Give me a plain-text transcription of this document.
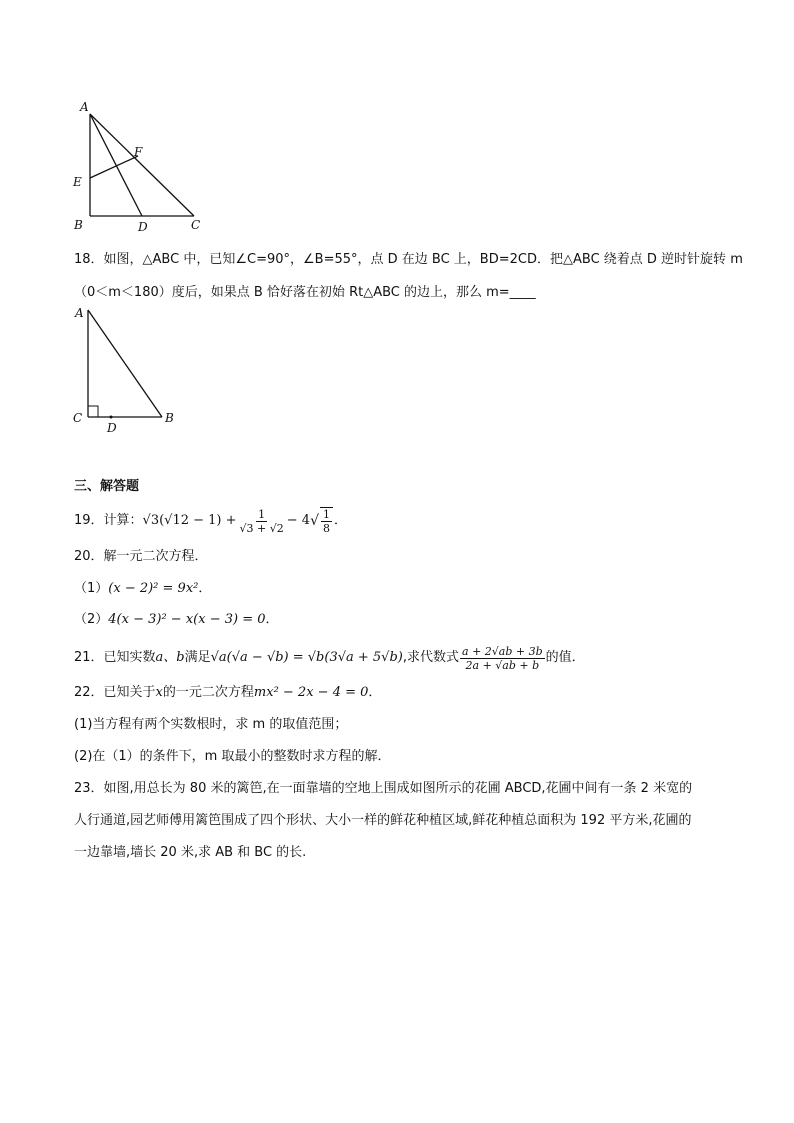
A
B	C
D
E
F
18．如图，△ABC 中，已知∠C=90°，∠B=55°，点 D 在边 BC 上，BD=2CD．把△ABC 绕着点 D 逆时针旋转 m
（0＜m＜180）度后，如果点 B 恰好落在初始 Rt△ABC 的边上，那么 m=____
A
C
D
B
三、解答题
19．计算： $√3(√12 - 1) + \frac{1}{√3 + √2} - 4$ √ $\frac{1}{8}$ ．
20．解一元二次方程．
（1）(x − 2)² = 9x²．
（2）4(x − 3)² − x(x − 3) = 0．
21．已知实数 a、b 满足 √a(√a − √b) = √b(3√a + 5√b) ,求代数式 $\frac{a + 2√ab + 3b}{2a + √ab + b}$ 的值．
22．已知关于x的一元二次方程mx² − 2x − 4 = 0．
(1)当方程有两个实数根时，求 m 的取值范围；
(2)在（1）的条件下，m 取最小的整数时求方程的解．
23．如图,用总长为 80 米的篱笆,在一面靠墙的空地上围成如图所示的花圃 ABCD,花圃中间有一条 2 米宽的
人行通道,园艺师傅用篱笆围成了四个形状、大小一样的鲜花种植区域,鲜花种植总面积为 192 平方米,花圃的
一边靠墙,墙长 20 米,求 AB 和 BC 的长.
